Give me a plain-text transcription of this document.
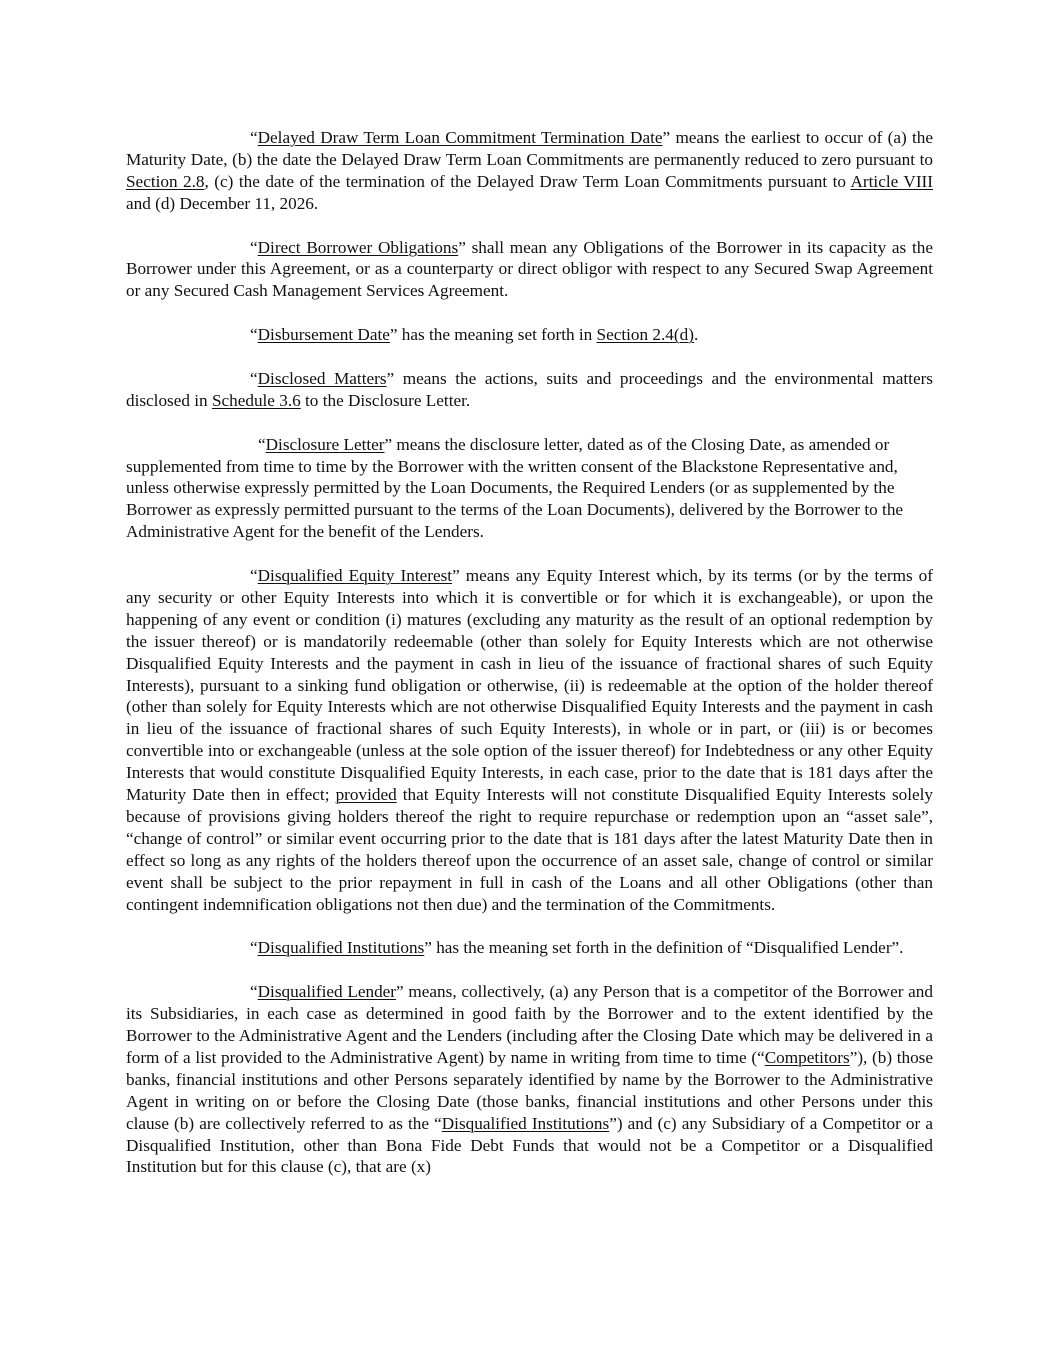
“Delayed Draw Term Loan Commitment Termination Date” means the earliest to occur of (a) the Maturity Date, (b) the date the Delayed Draw Term Loan Commitments are permanently reduced to zero pursuant to Section 2.8, (c) the date of the termination of the Delayed Draw Term Loan Commitments pursuant to Article VIII and (d) December 11, 2026.

“Direct Borrower Obligations” shall mean any Obligations of the Borrower in its capacity as the Borrower under this Agreement, or as a counterparty or direct obligor with respect to any Secured Swap Agreement or any Secured Cash Management Services Agreement.

“Disbursement Date” has the meaning set forth in Section 2.4(d).

“Disclosed Matters” means the actions, suits and proceedings and the environmental matters disclosed in Schedule 3.6 to the Disclosure Letter.

“Disclosure Letter” means the disclosure letter, dated as of the Closing Date, as amended or supplemented from time to time by the Borrower with the written consent of the Blackstone Representative and, unless otherwise expressly permitted by the Loan Documents, the Required Lenders (or as supplemented by the Borrower as expressly permitted pursuant to the terms of the Loan Documents), delivered by the Borrower to the Administrative Agent for the benefit of the Lenders.

“Disqualified Equity Interest” means any Equity Interest which, by its terms (or by the terms of any security or other Equity Interests into which it is convertible or for which it is exchangeable), or upon the happening of any event or condition (i) matures (excluding any maturity as the result of an optional redemption by the issuer thereof) or is mandatorily redeemable (other than solely for Equity Interests which are not otherwise Disqualified Equity Interests and the payment in cash in lieu of the issuance of fractional shares of such Equity Interests), pursuant to a sinking fund obligation or otherwise, (ii) is redeemable at the option of the holder thereof (other than solely for Equity Interests which are not otherwise Disqualified Equity Interests and the payment in cash in lieu of the issuance of fractional shares of such Equity Interests), in whole or in part, or (iii) is or becomes convertible into or exchangeable (unless at the sole option of the issuer thereof) for Indebtedness or any other Equity Interests that would constitute Disqualified Equity Interests, in each case, prior to the date that is 181 days after the Maturity Date then in effect; provided that Equity Interests will not constitute Disqualified Equity Interests solely because of provisions giving holders thereof the right to require repurchase or redemption upon an “asset sale”, “change of control” or similar event occurring prior to the date that is 181 days after the latest Maturity Date then in effect so long as any rights of the holders thereof upon the occurrence of an asset sale, change of control or similar event shall be subject to the prior repayment in full in cash of the Loans and all other Obligations (other than contingent indemnification obligations not then due) and the termination of the Commitments.

“Disqualified Institutions” has the meaning set forth in the definition of “Disqualified Lender”.

“Disqualified Lender” means, collectively, (a) any Person that is a competitor of the Borrower and its Subsidiaries, in each case as determined in good faith by the Borrower and to the extent identified by the Borrower to the Administrative Agent and the Lenders (including after the Closing Date which may be delivered in a form of a list provided to the Administrative Agent) by name in writing from time to time (“Competitors”), (b) those banks, financial institutions and other Persons separately identified by name by the Borrower to the Administrative Agent in writing on or before the Closing Date (those banks, financial institutions and other Persons under this clause (b) are collectively referred to as the “Disqualified Institutions”) and (c) any Subsidiary of a Competitor or a Disqualified Institution, other than Bona Fide Debt Funds that would not be a Competitor or a Disqualified Institution but for this clause (c), that are (x)
